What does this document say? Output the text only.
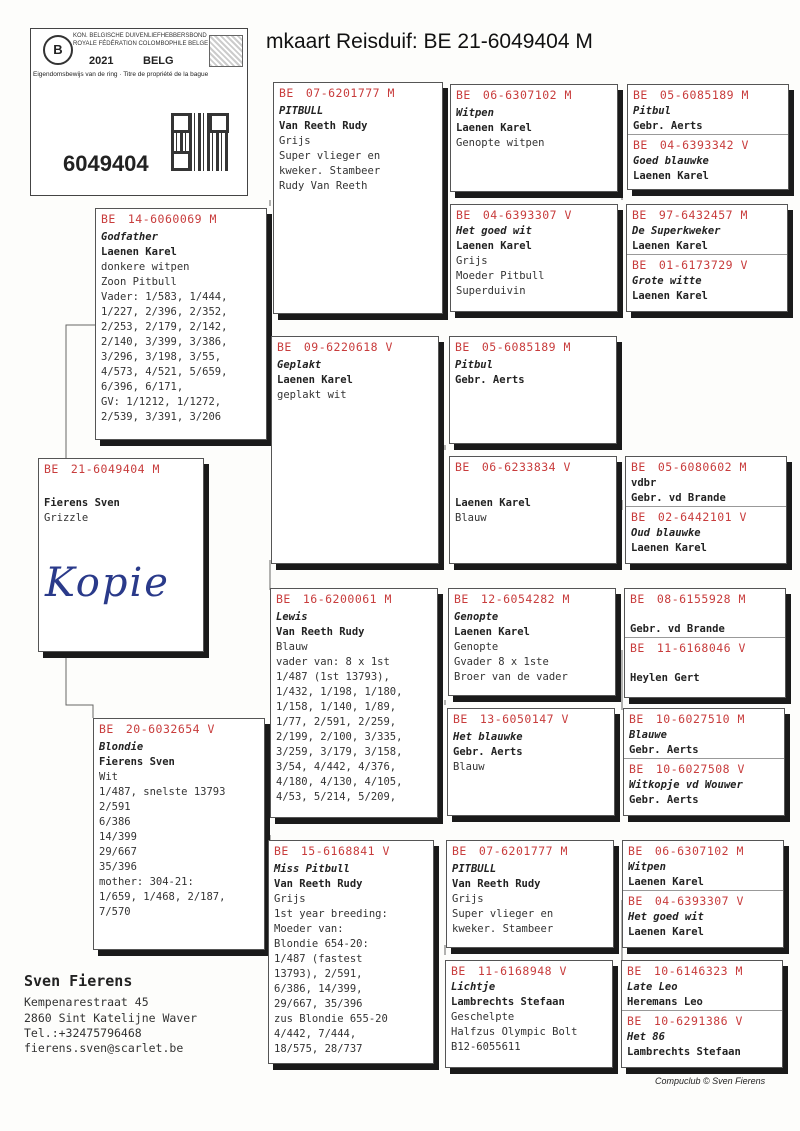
mkaart Reisduif: BE 21-6049404 M
B
KON. BELGISCHE DUIVENLIEFHEBBERSBOND
ROYALE FÉDÉRATION COLOMBOPHILE BELGE
2021	BELG
Eigendomsbewijs van de ring · Titre de propriété de la bague
6049404
BE 21-6049404 M
Fierens Sven
Grizzle
Kopie
BE 14-6060069 M
Godfather
Laenen Karel
donkere witpen
Zoon Pitbull
Vader: 1/583, 1/444,
1/227, 2/396, 2/352,
2/253, 2/179, 2/142,
2/140, 3/399, 3/386,
3/296, 3/198, 3/55,
4/573, 4/521, 5/659,
6/396, 6/171,
GV: 1/1212, 1/1272,
2/539, 3/391, 3/206
BE 20-6032654 V
Blondie
Fierens Sven
Wit
1/487, snelste 13793
2/591
6/386
14/399
29/667
35/396
mother: 304-21:
1/659, 1/468, 2/187,
7/570
BE 07-6201777 M
PITBULL
Van Reeth Rudy
Grijs
Super vlieger en
kweker. Stambeer
Rudy Van Reeth
BE 09-6220618 V
Geplakt
Laenen Karel
geplakt wit
BE 16-6200061 M
Lewis
Van Reeth Rudy
Blauw
vader van: 8 x 1st
1/487 (1st 13793),
1/432, 1/198, 1/180,
1/158, 1/140, 1/89,
1/77, 2/591, 2/259,
2/199, 2/100, 3/335,
3/259, 3/179, 3/158,
3/54, 4/442, 4/376,
4/180, 4/130, 4/105,
4/53, 5/214, 5/209,
BE 15-6168841 V
Miss Pitbull
Van Reeth Rudy
Grijs
1st year breeding:
Moeder van:
Blondie 654-20:
1/487 (fastest
13793), 2/591,
6/386, 14/399,
29/667, 35/396
zus Blondie 655-20
4/442, 7/444,
18/575, 28/737
BE 06-6307102 M
Witpen
Laenen Karel
Genopte witpen
BE 04-6393307 V
Het goed wit
Laenen Karel
Grijs
Moeder Pitbull
Superduivin
BE 05-6085189 M
Pitbul
Gebr. Aerts
BE 06-6233834 V
Laenen Karel
Blauw
BE 12-6054282 M
Genopte
Laenen Karel
Genopte
Gvader 8 x 1ste
Broer van de vader
BE 13-6050147 V
Het blauwke
Gebr. Aerts
Blauw
BE 07-6201777 M
PITBULL
Van Reeth Rudy
Grijs
Super vlieger en
kweker. Stambeer
BE 11-6168948 V
Lichtje
Lambrechts Stefaan
Geschelpte
Halfzus Olympic Bolt
B12-6055611
BE 05-6085189 M
Pitbul
Gebr. Aerts
BE 04-6393342 V
Goed blauwke
Laenen Karel
BE 97-6432457 M
De Superkweker
Laenen Karel
BE 01-6173729 V
Grote witte
Laenen Karel
BE 05-6080602 M
vdbr
Gebr. vd Brande
BE 02-6442101 V
Oud blauwke
Laenen Karel
BE 08-6155928 M
Gebr. vd Brande
BE 11-6168046 V
Heylen Gert
BE 10-6027510 M
Blauwe
Gebr. Aerts
BE 10-6027508 V
Witkopje vd Wouwer
Gebr. Aerts
BE 06-6307102 M
Witpen
Laenen Karel
BE 04-6393307 V
Het goed wit
Laenen Karel
BE 10-6146323 M
Late Leo
Heremans Leo
BE 10-6291386 V
Het 86
Lambrechts Stefaan
Sven Fierens
Kempenarestraat 45
2860 Sint Katelijne Waver
Tel.:+32475796468
fierens.sven@scarlet.be
Compuclub © Sven Fierens
